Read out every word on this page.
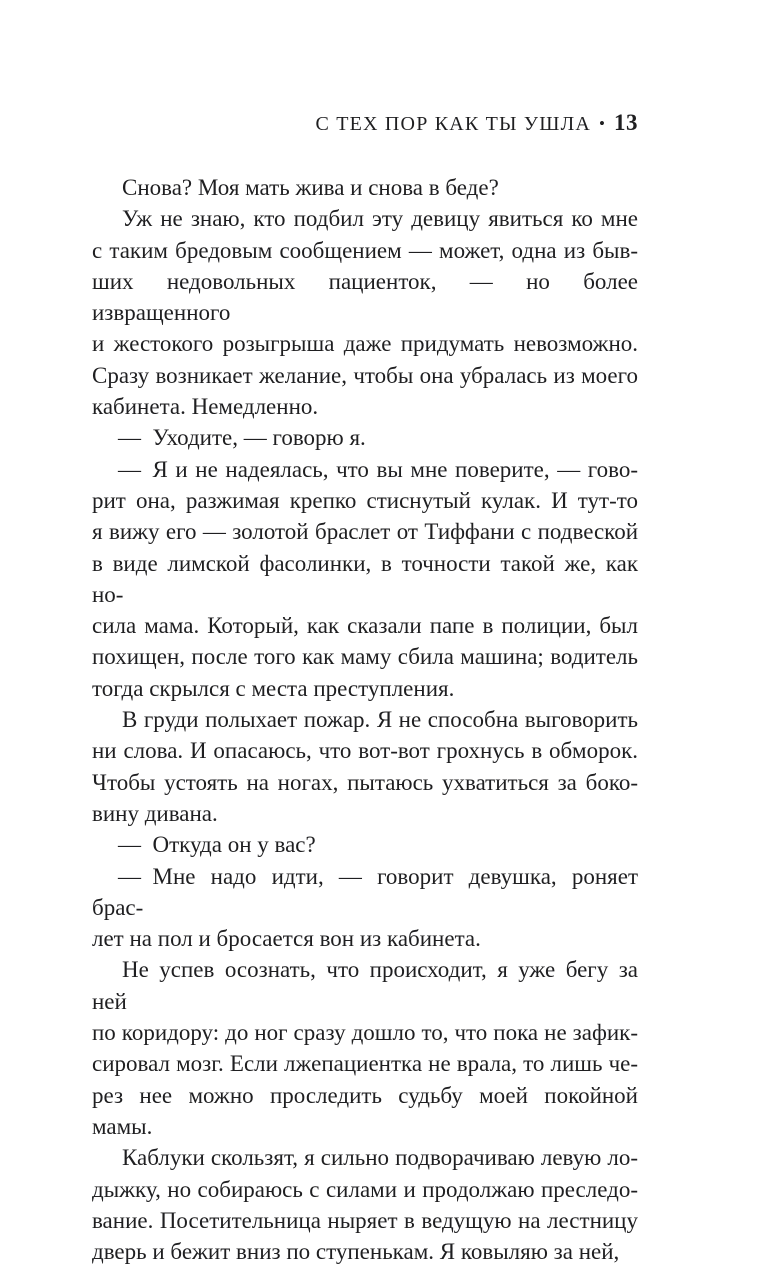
С ТЕХ ПОР КАК ТЫ УШЛА • 13
Снова? Моя мать жива и снова в беде?
Уж не знаю, кто подбил эту девицу явиться ко мне
с таким бредовым сообщением — может, одна из быв-
ших недовольных пациенток, — но более извращенного
и жестокого розыгрыша даже придумать невозможно.
Сразу возникает желание, чтобы она убралась из моего
кабинета. Немедленно.
— Уходите, — говорю я.
— Я и не надеялась, что вы мне поверите, — гово-
рит она, разжимая крепко стиснутый кулак. И тут-то
я вижу его — золотой браслет от Тиффани с подвеской
в виде лимской фасолинки, в точности такой же, как но-
сила мама. Который, как сказали папе в полиции, был
похищен, после того как маму сбила машина; водитель
тогда скрылся с места преступления.
В груди полыхает пожар. Я не способна выговорить
ни слова. И опасаюсь, что вот-вот грохнусь в обморок.
Чтобы устоять на ногах, пытаюсь ухватиться за боко-
вину дивана.
— Откуда он у вас?
— Мне надо идти, — говорит девушка, роняет брас-
лет на пол и бросается вон из кабинета.
Не успев осознать, что происходит, я уже бегу за ней
по коридору: до ног сразу дошло то, что пока не зафик-
сировал мозг. Если лжепациентка не врала, то лишь че-
рез нее можно проследить судьбу моей покойной мамы.
Каблуки скользят, я сильно подворачиваю левую ло-
дыжку, но собираюсь с силами и продолжаю преследо-
вание. Посетительница ныряет в ведущую на лестницу
дверь и бежит вниз по ступенькам. Я ковыляю за ней,
